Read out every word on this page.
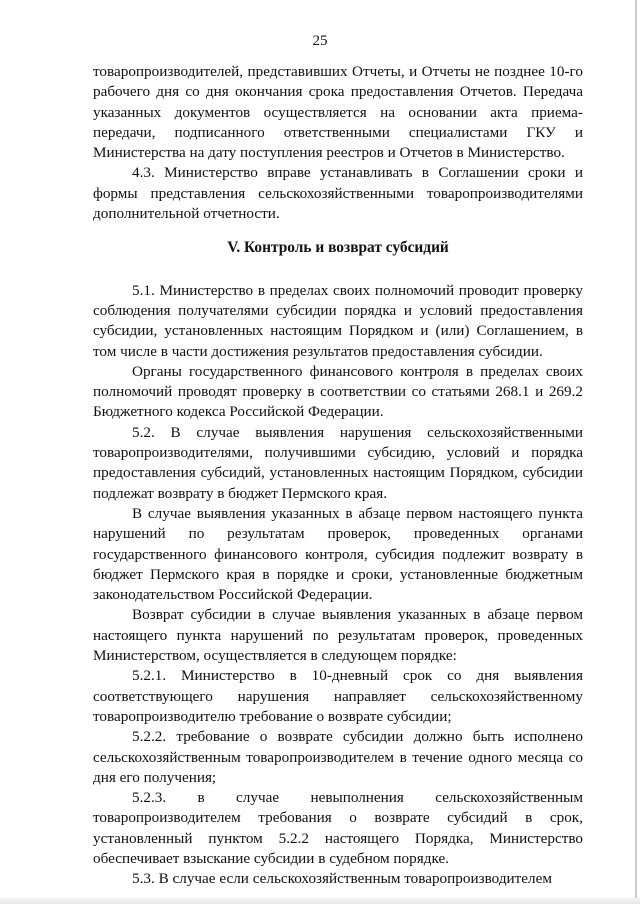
25

товаропроизводителей, представивших Отчеты, и Отчеты не позднее 10-го рабочего дня со дня окончания срока предоставления Отчетов. Передача указанных документов осуществляется на основании акта приема-передачи, подписанного ответственными специалистами ГКУ и Министерства на дату поступления реестров и Отчетов в Министерство.

4.3. Министерство вправе устанавливать в Соглашении сроки и формы представления сельскохозяйственными товаропроизводителями дополнительной отчетности.

V. Контроль и возврат субсидий

5.1. Министерство в пределах своих полномочий проводит проверку соблюдения получателями субсидии порядка и условий предоставления субсидии, установленных настоящим Порядком и (или) Соглашением, в том числе в части достижения результатов предоставления субсидии.

Органы государственного финансового контроля в пределах своих полномочий проводят проверку в соответствии со статьями 268.1 и 269.2 Бюджетного кодекса Российской Федерации.

5.2. В случае выявления нарушения сельскохозяйственными товаропроизводителями, получившими субсидию, условий и порядка предоставления субсидий, установленных настоящим Порядком, субсидии подлежат возврату в бюджет Пермского края.

В случае выявления указанных в абзаце первом настоящего пункта нарушений по результатам проверок, проведенных органами государственного финансового контроля, субсидия подлежит возврату в бюджет Пермского края в порядке и сроки, установленные бюджетным законодательством Российской Федерации.

Возврат субсидии в случае выявления указанных в абзаце первом настоящего пункта нарушений по результатам проверок, проведенных Министерством, осуществляется в следующем порядке:

5.2.1. Министерство в 10-дневный срок со дня выявления соответствующего нарушения направляет сельскохозяйственному товаропроизводителю требование о возврате субсидии;

5.2.2. требование о возврате субсидии должно быть исполнено сельскохозяйственным товаропроизводителем в течение одного месяца со дня его получения;

5.2.3. в случае невыполнения сельскохозяйственным товаропроизводителем требования о возврате субсидий в срок, установленный пунктом 5.2.2 настоящего Порядка, Министерство обеспечивает взыскание субсидии в судебном порядке.

5.3. В случае если сельскохозяйственным товаропроизводителем
